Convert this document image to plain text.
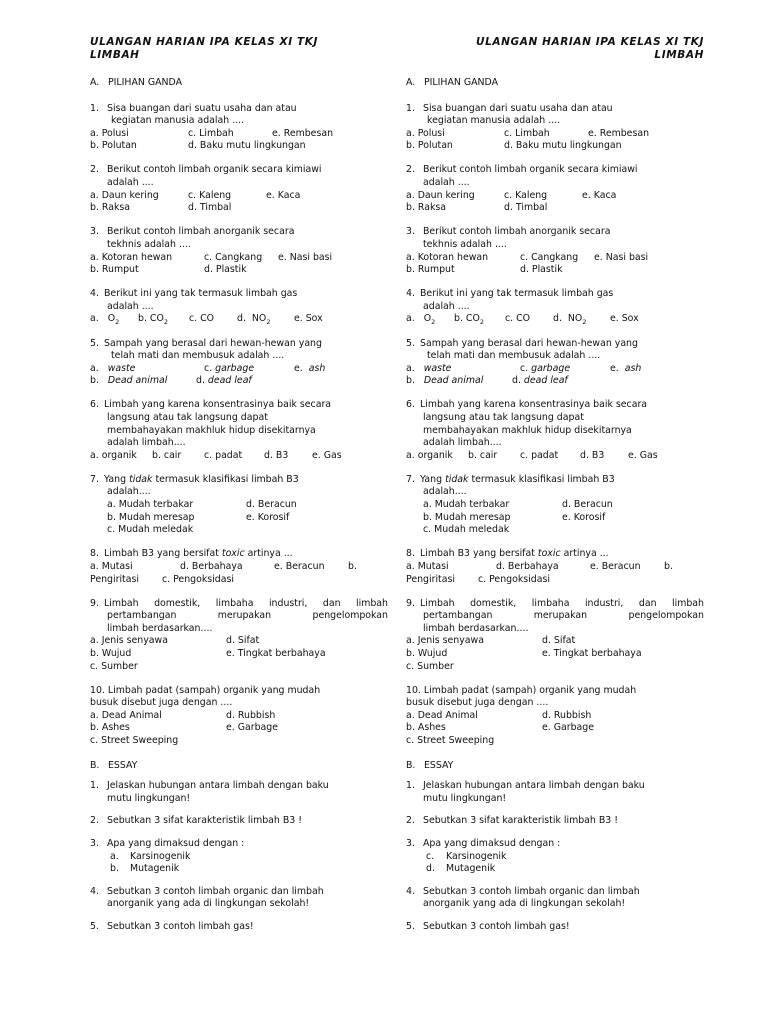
ULANGAN HARIAN IPA KELAS XI TKJ
LIMBAH
A. PILIHAN GANDA
1. Sisa buangan dari suatu usaha dan atau
kegiatan manusia adalah ....
a. Polusi	c. Limbah	e. Rembesan
b. Polutan	d. Baku mutu lingkungan
2. Berikut contoh limbah organik secara kimiawi
adalah ....
a. Daun kering	c. Kaleng	e. Kaca
b. Raksa	d. Timbal
3. Berikut contoh limbah anorganik secara
tekhnis adalah ....
a. Kotoran hewan	c. Cangkang e. Nasi basi
b. Rumput	d. Plastik
4. Berikut ini yang tak termasuk limbah gas
adalah ....
a. $O_2$ b. $CO_2$ c. CO d. $NO_2$	e. Sox
5. Sampah yang berasal dari hewan-hewan yang
telah mati dan membusuk adalah ....
a. waste	c. garbage	e. ash
b. Dead animal	d. dead leaf
6. Limbah yang karena konsentrasinya baik secara
langsung atau tak langsung dapat
membahayakan makhluk hidup disekitarnya
adalah limbah....
a. organik b. cair c. padat d. B3	e. Gas
7. Yang tidak termasuk klasifikasi limbah B3
adalah....
a. Mudah terbakar	d. Beracun
b. Mudah meresap	e. Korosif
c. Mudah meledak
8. Limbah B3 yang bersifat toxic artinya ...
a. Mutasi	d. Berbahaya	e. Beracun b.
Pengiritasi c. Pengoksidasi
9. Limbah domestik, limbaha industri, dan limbah
pertambangan merupakan pengelompokan
limbah berdasarkan....
a. Jenis senyawa	d. Sifat
b. Wujud	e. Tingkat berbahaya
c. Sumber
10. Limbah padat (sampah) organik yang mudah
busuk disebut juga dengan ....
a. Dead Animal	d. Rubbish
b. Ashes	e. Garbage
c. Street Sweeping
B. ESSAY
1. Jelaskan hubungan antara limbah dengan baku
mutu lingkungan!
2. Sebutkan 3 sifat karakteristik limbah B3 !
3. Apa yang dimaksud dengan :
a. Karsinogenik
b. Mutagenik
4. Sebutkan 3 contoh limbah organic dan limbah
anorganik yang ada di lingkungan sekolah!
5. Sebutkan 3 contoh limbah gas!
ULANGAN HARIAN IPA KELAS XI TKJ
LIMBAH
A. PILIHAN GANDA
1. Sisa buangan dari suatu usaha dan atau
kegiatan manusia adalah ....
a. Polusi	c. Limbah	e. Rembesan
b. Polutan	d. Baku mutu lingkungan
2. Berikut contoh limbah organik secara kimiawi
adalah ....
a. Daun kering	c. Kaleng	e. Kaca
b. Raksa	d. Timbal
3. Berikut contoh limbah anorganik secara
tekhnis adalah ....
a. Kotoran hewan	c. Cangkang e. Nasi basi
b. Rumput	d. Plastik
4. Berikut ini yang tak termasuk limbah gas
adalah ....
a. $O_2$ b. $CO_2$ c. CO d. $NO_2$	e. Sox
5. Sampah yang berasal dari hewan-hewan yang
telah mati dan membusuk adalah ....
a. waste	c. garbage	e. ash
b. Dead animal	d. dead leaf
6. Limbah yang karena konsentrasinya baik secara
langsung atau tak langsung dapat
membahayakan makhluk hidup disekitarnya
adalah limbah....
a. organik b. cair c. padat d. B3	e. Gas
7. Yang tidak termasuk klasifikasi limbah B3
adalah....
a. Mudah terbakar	d. Beracun
b. Mudah meresap	e. Korosif
c. Mudah meledak
8. Limbah B3 yang bersifat toxic artinya ...
a. Mutasi	d. Berbahaya	e. Beracun b.
Pengiritasi c. Pengoksidasi
9. Limbah domestik, limbaha industri, dan limbah
pertambangan merupakan pengelompokan
limbah berdasarkan....
a. Jenis senyawa	d. Sifat
b. Wujud	e. Tingkat berbahaya
c. Sumber
10. Limbah padat (sampah) organik yang mudah
busuk disebut juga dengan ....
a. Dead Animal	d. Rubbish
b. Ashes	e. Garbage
c. Street Sweeping
B. ESSAY
1. Jelaskan hubungan antara limbah dengan baku
mutu lingkungan!
2. Sebutkan 3 sifat karakteristik limbah B3 !
3. Apa yang dimaksud dengan :
c. Karsinogenik
d. Mutagenik
4. Sebutkan 3 contoh limbah organic dan limbah
anorganik yang ada di lingkungan sekolah!
5. Sebutkan 3 contoh limbah gas!
